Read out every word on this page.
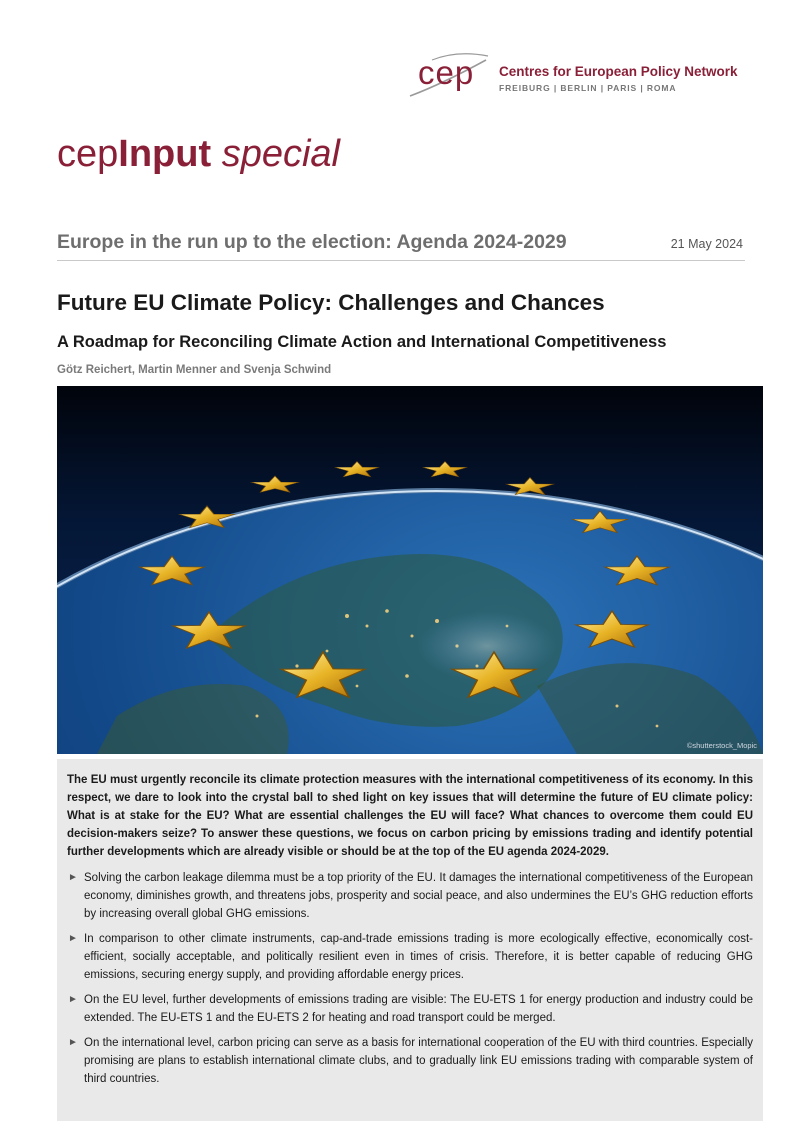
cep Centres for European Policy Network
FREIBURG | BERLIN | PARIS | ROMA
cepInput special
Europe in the run up to the election: Agenda 2024-2029	21 May 2024
Future EU Climate Policy: Challenges and Chances
A Roadmap for Reconciling Climate Action and International Competitiveness
Götz Reichert, Martin Menner and Svenja Schwind
©shutterstock_Mopic

The EU must urgently reconcile its climate protection measures with the international competitiveness of its economy. In this respect, we dare to look into the crystal ball to shed light on key issues that will determine the future of EU climate policy: What is at stake for the EU? What are essential challenges the EU will face? What chances to overcome them could EU decision-makers seize? To answer these questions, we focus on carbon pricing by emissions trading and identify potential further developments which are already visible or should be at the top of the EU agenda 2024-2029.

► Solving the carbon leakage dilemma must be a top priority of the EU. It damages the international competitiveness of the European economy, diminishes growth, and threatens jobs, prosperity and social peace, and also undermines the EU’s GHG reduction efforts by increasing overall global GHG emissions.
► In comparison to other climate instruments, cap-and-trade emissions trading is more ecologically effective, economically cost-efficient, socially acceptable, and politically resilient even in times of crisis. Therefore, it is better capable of reducing GHG emissions, securing energy supply, and providing affordable energy prices.
► On the EU level, further developments of emissions trading are visible: The EU-ETS 1 for energy production and industry could be extended. The EU-ETS 1 and the EU-ETS 2 for heating and road transport could be merged.
► On the international level, carbon pricing can serve as a basis for international cooperation of the EU with third countries. Especially promising are plans to establish international climate clubs, and to gradually link EU emissions trading with comparable system of third countries.
